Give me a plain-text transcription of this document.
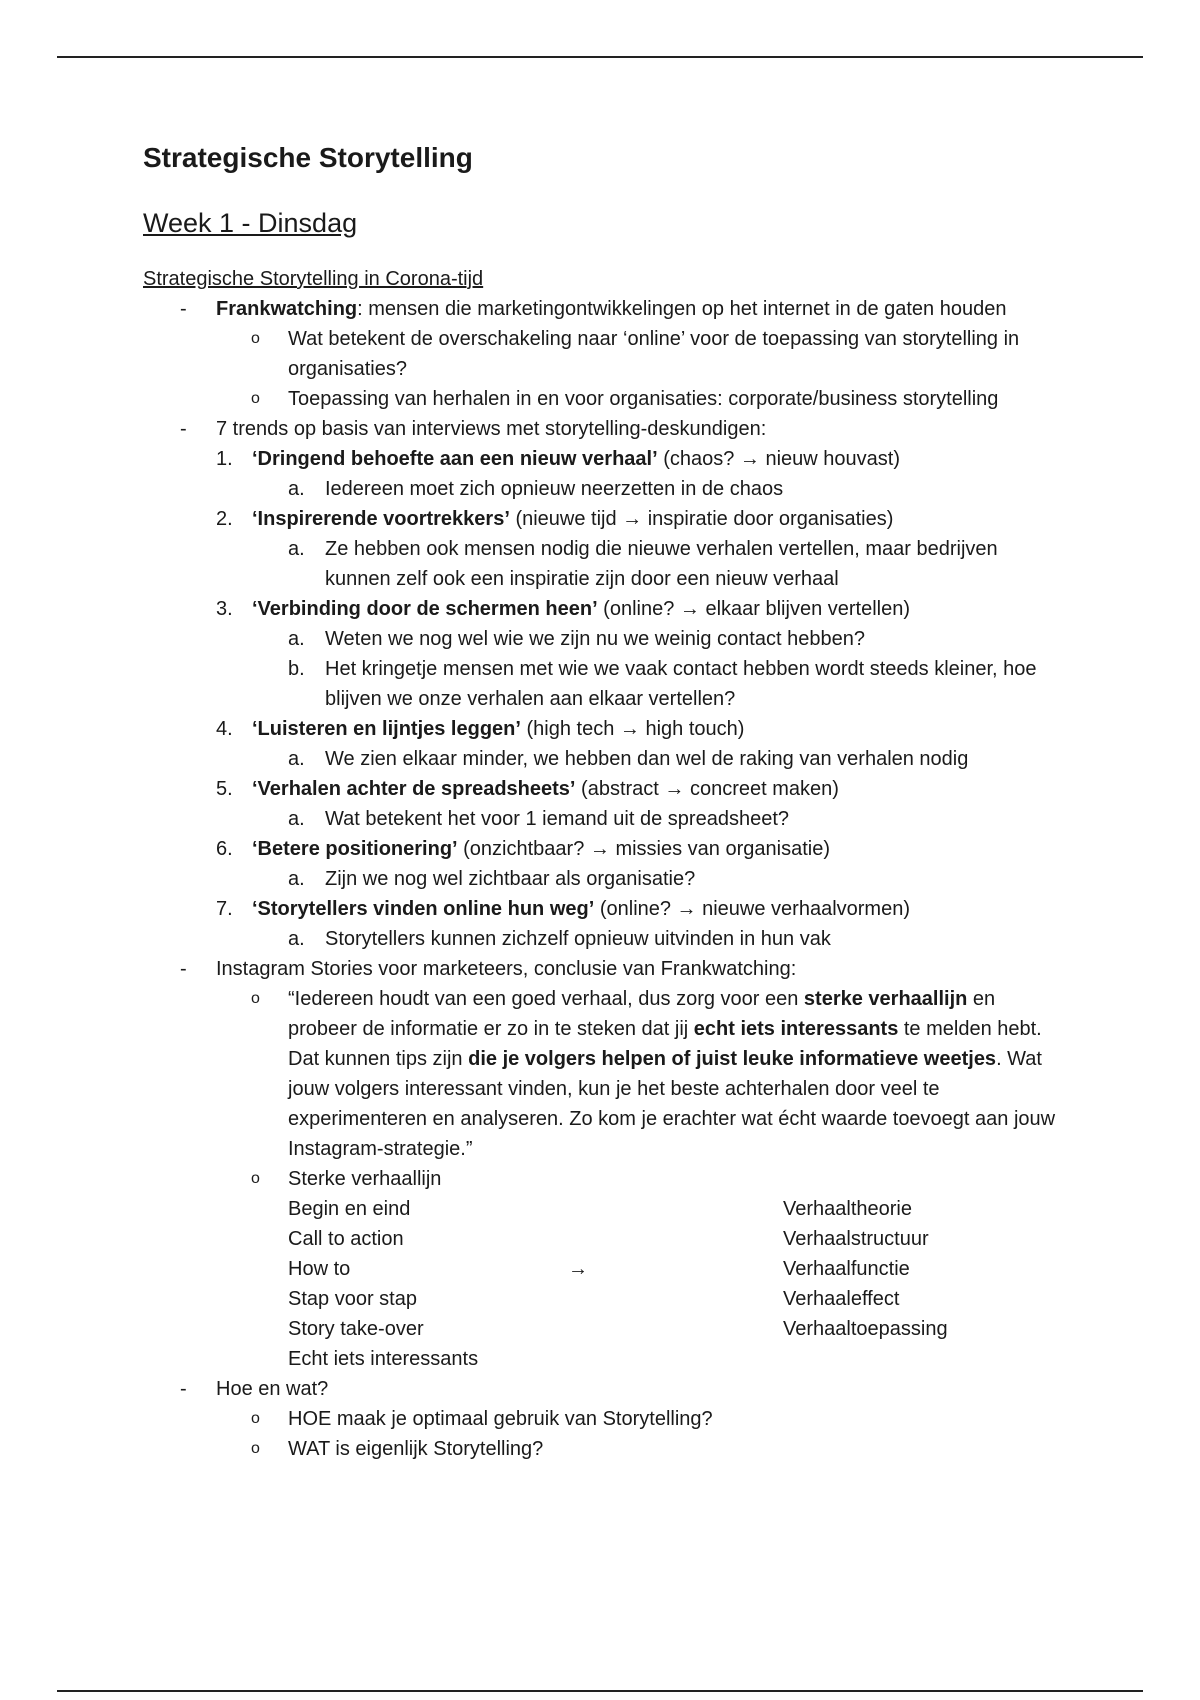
Strategische Storytelling
Week 1 - Dinsdag
Strategische Storytelling in Corona-tijd
- Frankwatching: mensen die marketingontwikkelingen op het internet in de gaten houden
o Wat betekent de overschakeling naar ‘online’ voor de toepassing van storytelling in organisaties?
o Toepassing van herhalen in en voor organisaties: corporate/business storytelling
- 7 trends op basis van interviews met storytelling-deskundigen:
1. ‘Dringend behoefte aan een nieuw verhaal’ (chaos? → nieuw houvast)
a. Iedereen moet zich opnieuw neerzetten in de chaos
2. ‘Inspirerende voortrekkers’ (nieuwe tijd → inspiratie door organisaties)
a. Ze hebben ook mensen nodig die nieuwe verhalen vertellen, maar bedrijven kunnen zelf ook een inspiratie zijn door een nieuw verhaal
3. ‘Verbinding door de schermen heen’ (online? → elkaar blijven vertellen)
a. Weten we nog wel wie we zijn nu we weinig contact hebben?
b. Het kringetje mensen met wie we vaak contact hebben wordt steeds kleiner, hoe blijven we onze verhalen aan elkaar vertellen?
4. ‘Luisteren en lijntjes leggen’ (high tech → high touch)
a. We zien elkaar minder, we hebben dan wel de raking van verhalen nodig
5. ‘Verhalen achter de spreadsheets’ (abstract → concreet maken)
a. Wat betekent het voor 1 iemand uit de spreadsheet?
6. ‘Betere positionering’ (onzichtbaar? → missies van organisatie)
a. Zijn we nog wel zichtbaar als organisatie?
7. ‘Storytellers vinden online hun weg’ (online? → nieuwe verhaalvormen)
a. Storytellers kunnen zichzelf opnieuw uitvinden in hun vak
- Instagram Stories voor marketeers, conclusie van Frankwatching:
o “Iedereen houdt van een goed verhaal, dus zorg voor een sterke verhaallijn en probeer de informatie er zo in te steken dat jij echt iets interessants te melden hebt. Dat kunnen tips zijn die je volgers helpen of juist leuke informatieve weetjes. Wat jouw volgers interessant vinden, kun je het beste achterhalen door veel te experimenteren en analyseren. Zo kom je erachter wat écht waarde toevoegt aan jouw Instagram-strategie.”
o Sterke verhaallijn
Begin en eind
Call to action
How to
Stap voor stap
Story take-over
Echt iets interessants
→
Verhaaltheorie
Verhaalstructuur
Verhaalfunctie
Verhaaleffect
Verhaaltoepassing
- Hoe en wat?
o HOE maak je optimaal gebruik van Storytelling?
o WAT is eigenlijk Storytelling?
